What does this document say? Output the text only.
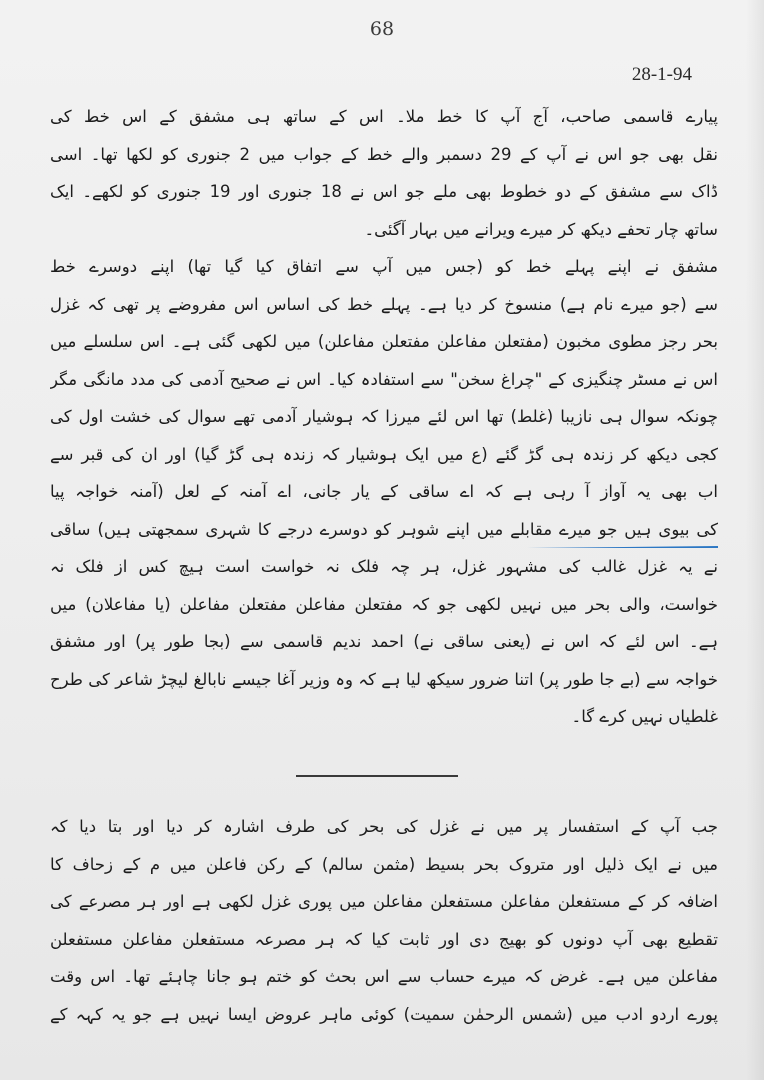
68
28-1-94
پیارے قاسمی صاحب، آج آپ کا خط ملا۔ اس کے ساتھ ہی مشفق کے اس خط کی
نقل بھی جو اس نے آپ کے 29 دسمبر والے خط کے جواب میں 2 جنوری کو لکھا تھا۔ اسی
ڈاک سے مشفق کے دو خطوط بھی ملے جو اس نے 18 جنوری اور 19 جنوری کو لکھے۔ ایک
ساتھ چار تحفے دیکھ کر میرے ویرانے میں بہار آگئی۔
مشفق نے اپنے پہلے خط کو (جس میں آپ سے اتفاق کیا گیا تھا) اپنے دوسرے خط
سے (جو میرے نام ہے) منسوخ کر دیا ہے۔ پہلے خط کی اساس اس مفروضے پر تھی کہ غزل
بحر رجز مطوی مخبون (مفتعلن مفاعلن مفتعلن مفاعلن) میں لکھی گئی ہے۔ اس سلسلے میں
اس نے مسٹر چنگیزی کے "چراغ سخن" سے استفادہ کیا۔ اس نے صحیح آدمی کی مدد مانگی مگر
چونکہ سوال ہی نازیبا (غلط) تھا اس لئے میرزا کہ ہوشیار آدمی تھے سوال کی خشت اول کی
کجی دیکھ کر زندہ ہی گڑ گئے (ع میں ایک ہوشیار کہ زندہ ہی گڑ گیا) اور ان کی قبر سے
اب بھی یہ آواز آ رہی ہے کہ اے ساقی کے یار جانی، اے آمنہ کے لعل (آمنہ خواجہ پیا
کی بیوی ہیں جو میرے مقابلے میں اپنے شوہر کو دوسرے درجے کا شہری سمجھتی ہیں) ساقی
نے یہ غزل غالب کی مشہور غزل، ہر چہ فلک نہ خواست است ہیچ کس از فلک نہ
خواست، والی بحر میں نہیں لکھی جو کہ مفتعلن مفاعلن مفتعلن مفاعلن (یا مفاعلان) میں
ہے۔ اس لئے کہ اس نے (یعنی ساقی نے) احمد ندیم قاسمی سے (بجا طور پر) اور مشفق
خواجہ سے (بے جا طور پر) اتنا ضرور سیکھ لیا ہے کہ وہ وزیر آغا جیسے نابالغ لیچڑ شاعر کی طرح
غلطیاں نہیں کرے گا۔
جب آپ کے استفسار پر میں نے غزل کی بحر کی طرف اشارہ کر دیا اور بتا دیا کہ
میں نے ایک ذلیل اور متروک بحر بسیط (مثمن سالم) کے رکن فاعلن میں م کے زحاف کا
اضافہ کر کے مستفعلن مفاعلن مستفعلن مفاعلن میں پوری غزل لکھی ہے اور ہر مصرعے کی
تقطیع بھی آپ دونوں کو بھیج دی اور ثابت کیا کہ ہر مصرعہ مستفعلن مفاعلن مستفعلن
مفاعلن میں ہے۔ غرض کہ میرے حساب سے اس بحث کو ختم ہو جانا چاہئے تھا۔ اس وقت
پورے اردو ادب میں (شمس الرحمٰن سمیت) کوئی ماہر عروض ایسا نہیں ہے جو یہ کہہ کے
